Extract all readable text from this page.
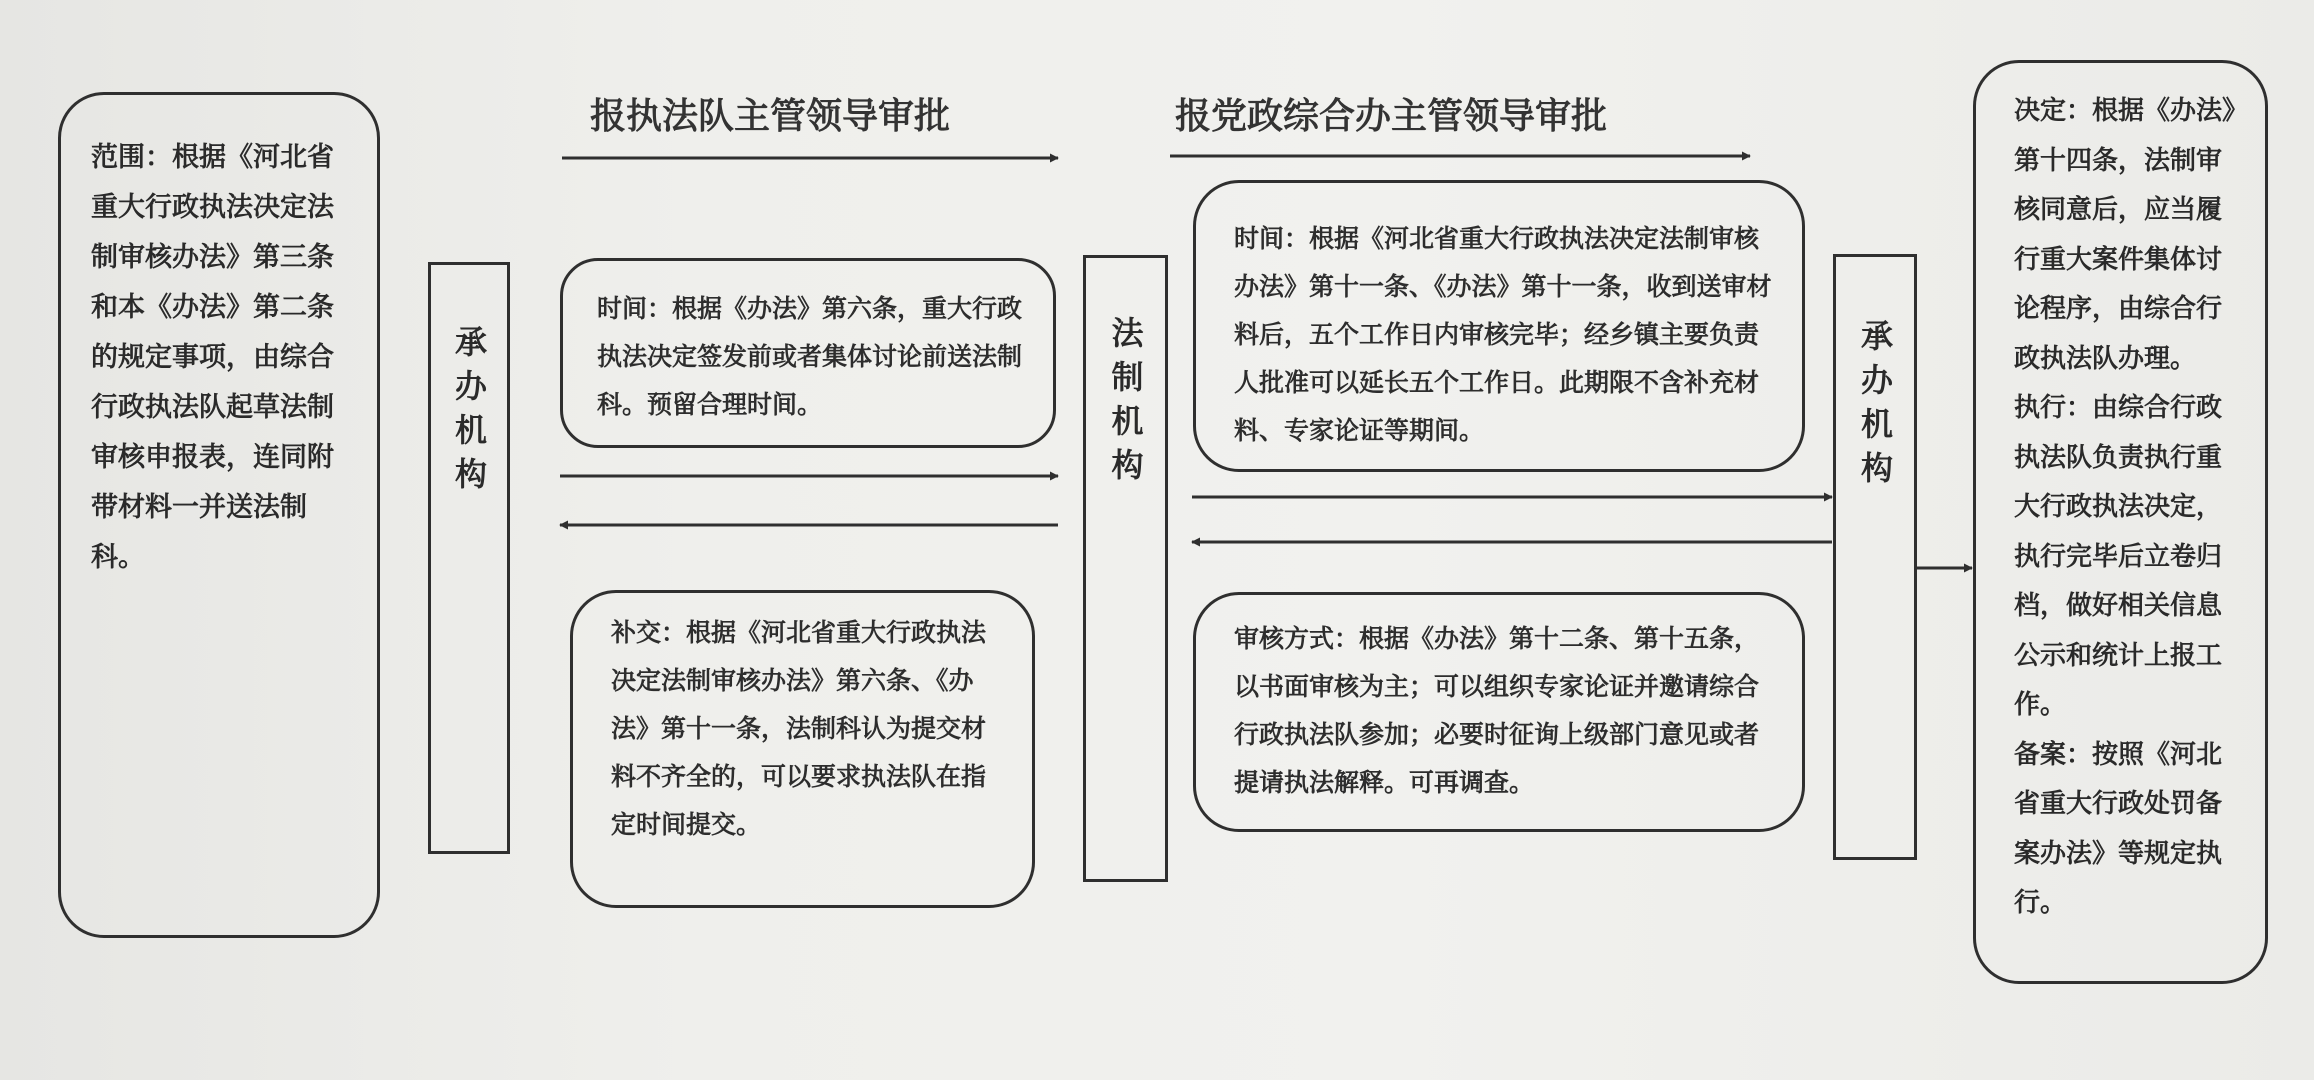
报执法队主管领导审批	报党政综合办主管领导审批
范围：根据《河北省重大行政执法决定法制审核办法》第三条和本《办法》第二条的规定事项，由综合行政执法队起草法制审核申报表，连同附带材料一并送法制科。
承办机构
时间：根据《办法》第六条，重大行政执法决定签发前或者集体讨论前送法制科。预留合理时间。
补交：根据《河北省重大行政执法决定法制审核办法》第六条、《办法》第十一条，法制科认为提交材料不齐全的，可以要求执法队在指定时间提交。
法制机构
时间：根据《河北省重大行政执法决定法制审核办法》第十一条、《办法》第十一条，收到送审材料后，五个工作日内审核完毕；经乡镇主要负责人批准可以延长五个工作日。此期限不含补充材料、专家论证等期间。
审核方式：根据《办法》第十二条、第十五条，以书面审核为主；可以组织专家论证并邀请综合行政执法队参加；必要时征询上级部门意见或者提请执法解释。可再调查。
承办机构
决定：根据《办法》第十四条，法制审核同意后，应当履行重大案件集体讨论程序，由综合行政执法队办理。
执行：由综合行政执法队负责执行重大行政执法决定，执行完毕后立卷归档，做好相关信息公示和统计上报工作。
备案：按照《河北省重大行政处罚备案办法》等规定执行。
